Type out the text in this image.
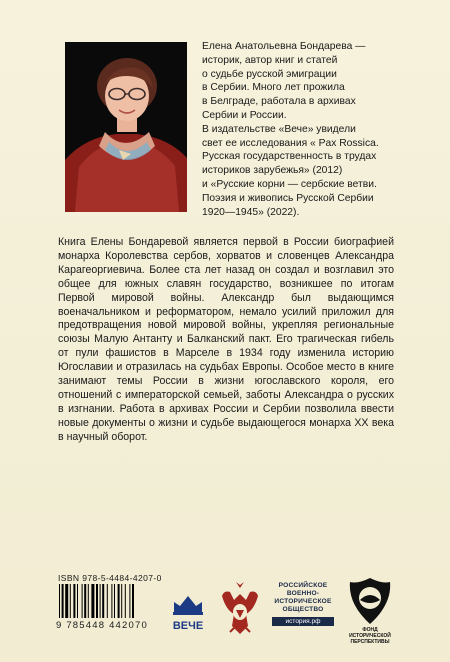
Елена Анатольевна Бондарева —
историк, автор книг и статей
о судьбе русской эмиграции
в Сербии. Много лет прожила
в Белграде, работала в архивах
Сербии и России.
В издательстве «Вече» увидели
свет ее исследования « Pax Rossica.
Русская государственность в трудах
историков зарубежья» (2012)
и «Русские корни — сербские ветви.
Поэзия и живопись Русской Сербии
1920—1945» (2022).

Книга Елены Бондаревой является первой в России биографией монарха Королевства сербов, хорватов и словенцев Александра Карагеоргиевича. Более ста лет назад он создал и возглавил это общее для южных славян государство, возникшее по итогам Первой мировой войны. Александр был выдающимся военачальником и реформатором, немало усилий приложил для предотвращения новой мировой войны, укрепляя региональные союзы Малую Антанту и Балканский пакт. Его трагическая гибель от пули фашистов в Марселе в 1934 году изменила историю Югославии и отразилась на судьбах Европы. Особое место в книге занимают темы России в жизни югославского короля, его отношений с императорской семьей, заботы Александра о русских в изгнании. Работа в архивах России и Сербии позволила ввести новые документы о жизни и судьбе выдающегося монарха XX века в научный оборот.

ISBN 978-5-4484-4207-0
9 785448 442070 ВЕЧЕ
РОССИЙСКОЕ
ВОЕННО-
ИСТОРИЧЕСКОЕ
ОБЩЕСТВО
история.рф
ФОНД
ИСТОРИЧЕСКОЙ
ПЕРСПЕКТИВЫ
